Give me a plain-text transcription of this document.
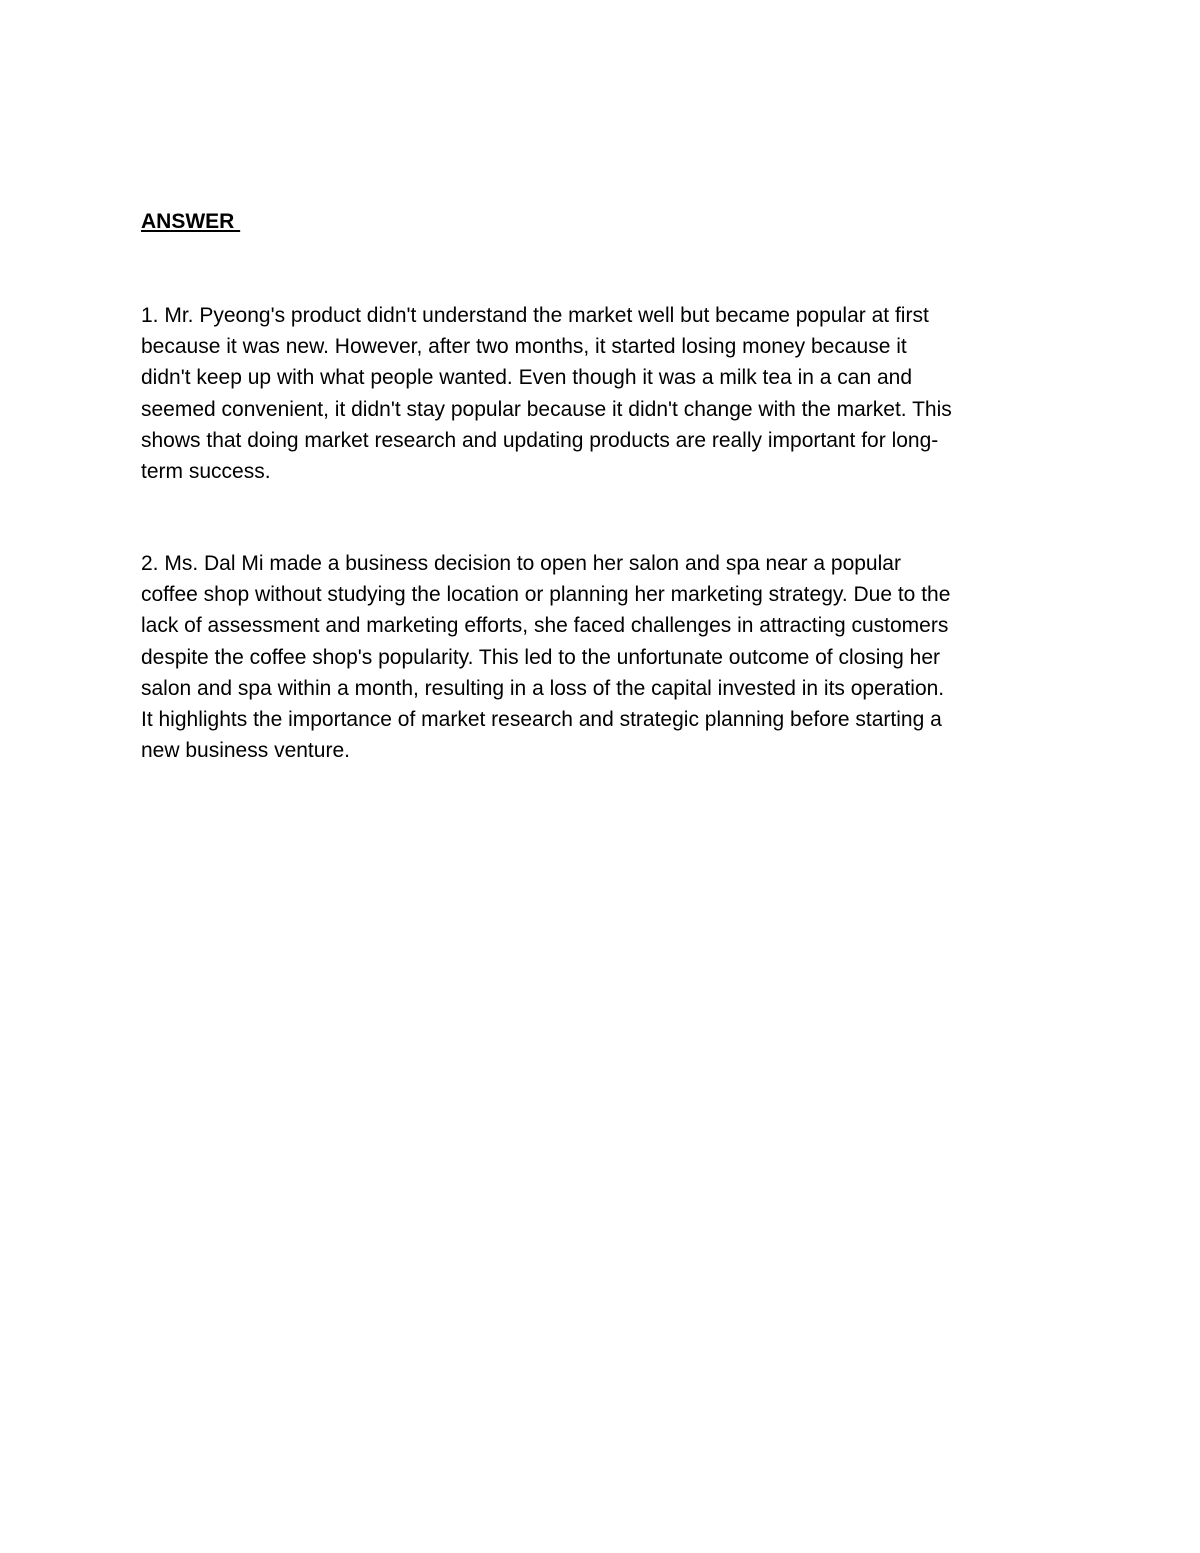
ANSWER

1. Mr. Pyeong's product didn't understand the market well but became popular at first
because it was new. However, after two months, it started losing money because it
didn't keep up with what people wanted. Even though it was a milk tea in a can and
seemed convenient, it didn't stay popular because it didn't change with the market. This
shows that doing market research and updating products are really important for long-
term success.

2. Ms. Dal Mi made a business decision to open her salon and spa near a popular
coffee shop without studying the location or planning her marketing strategy. Due to the
lack of assessment and marketing efforts, she faced challenges in attracting customers
despite the coffee shop's popularity. This led to the unfortunate outcome of closing her
salon and spa within a month, resulting in a loss of the capital invested in its operation.
It highlights the importance of market research and strategic planning before starting a
new business venture.
